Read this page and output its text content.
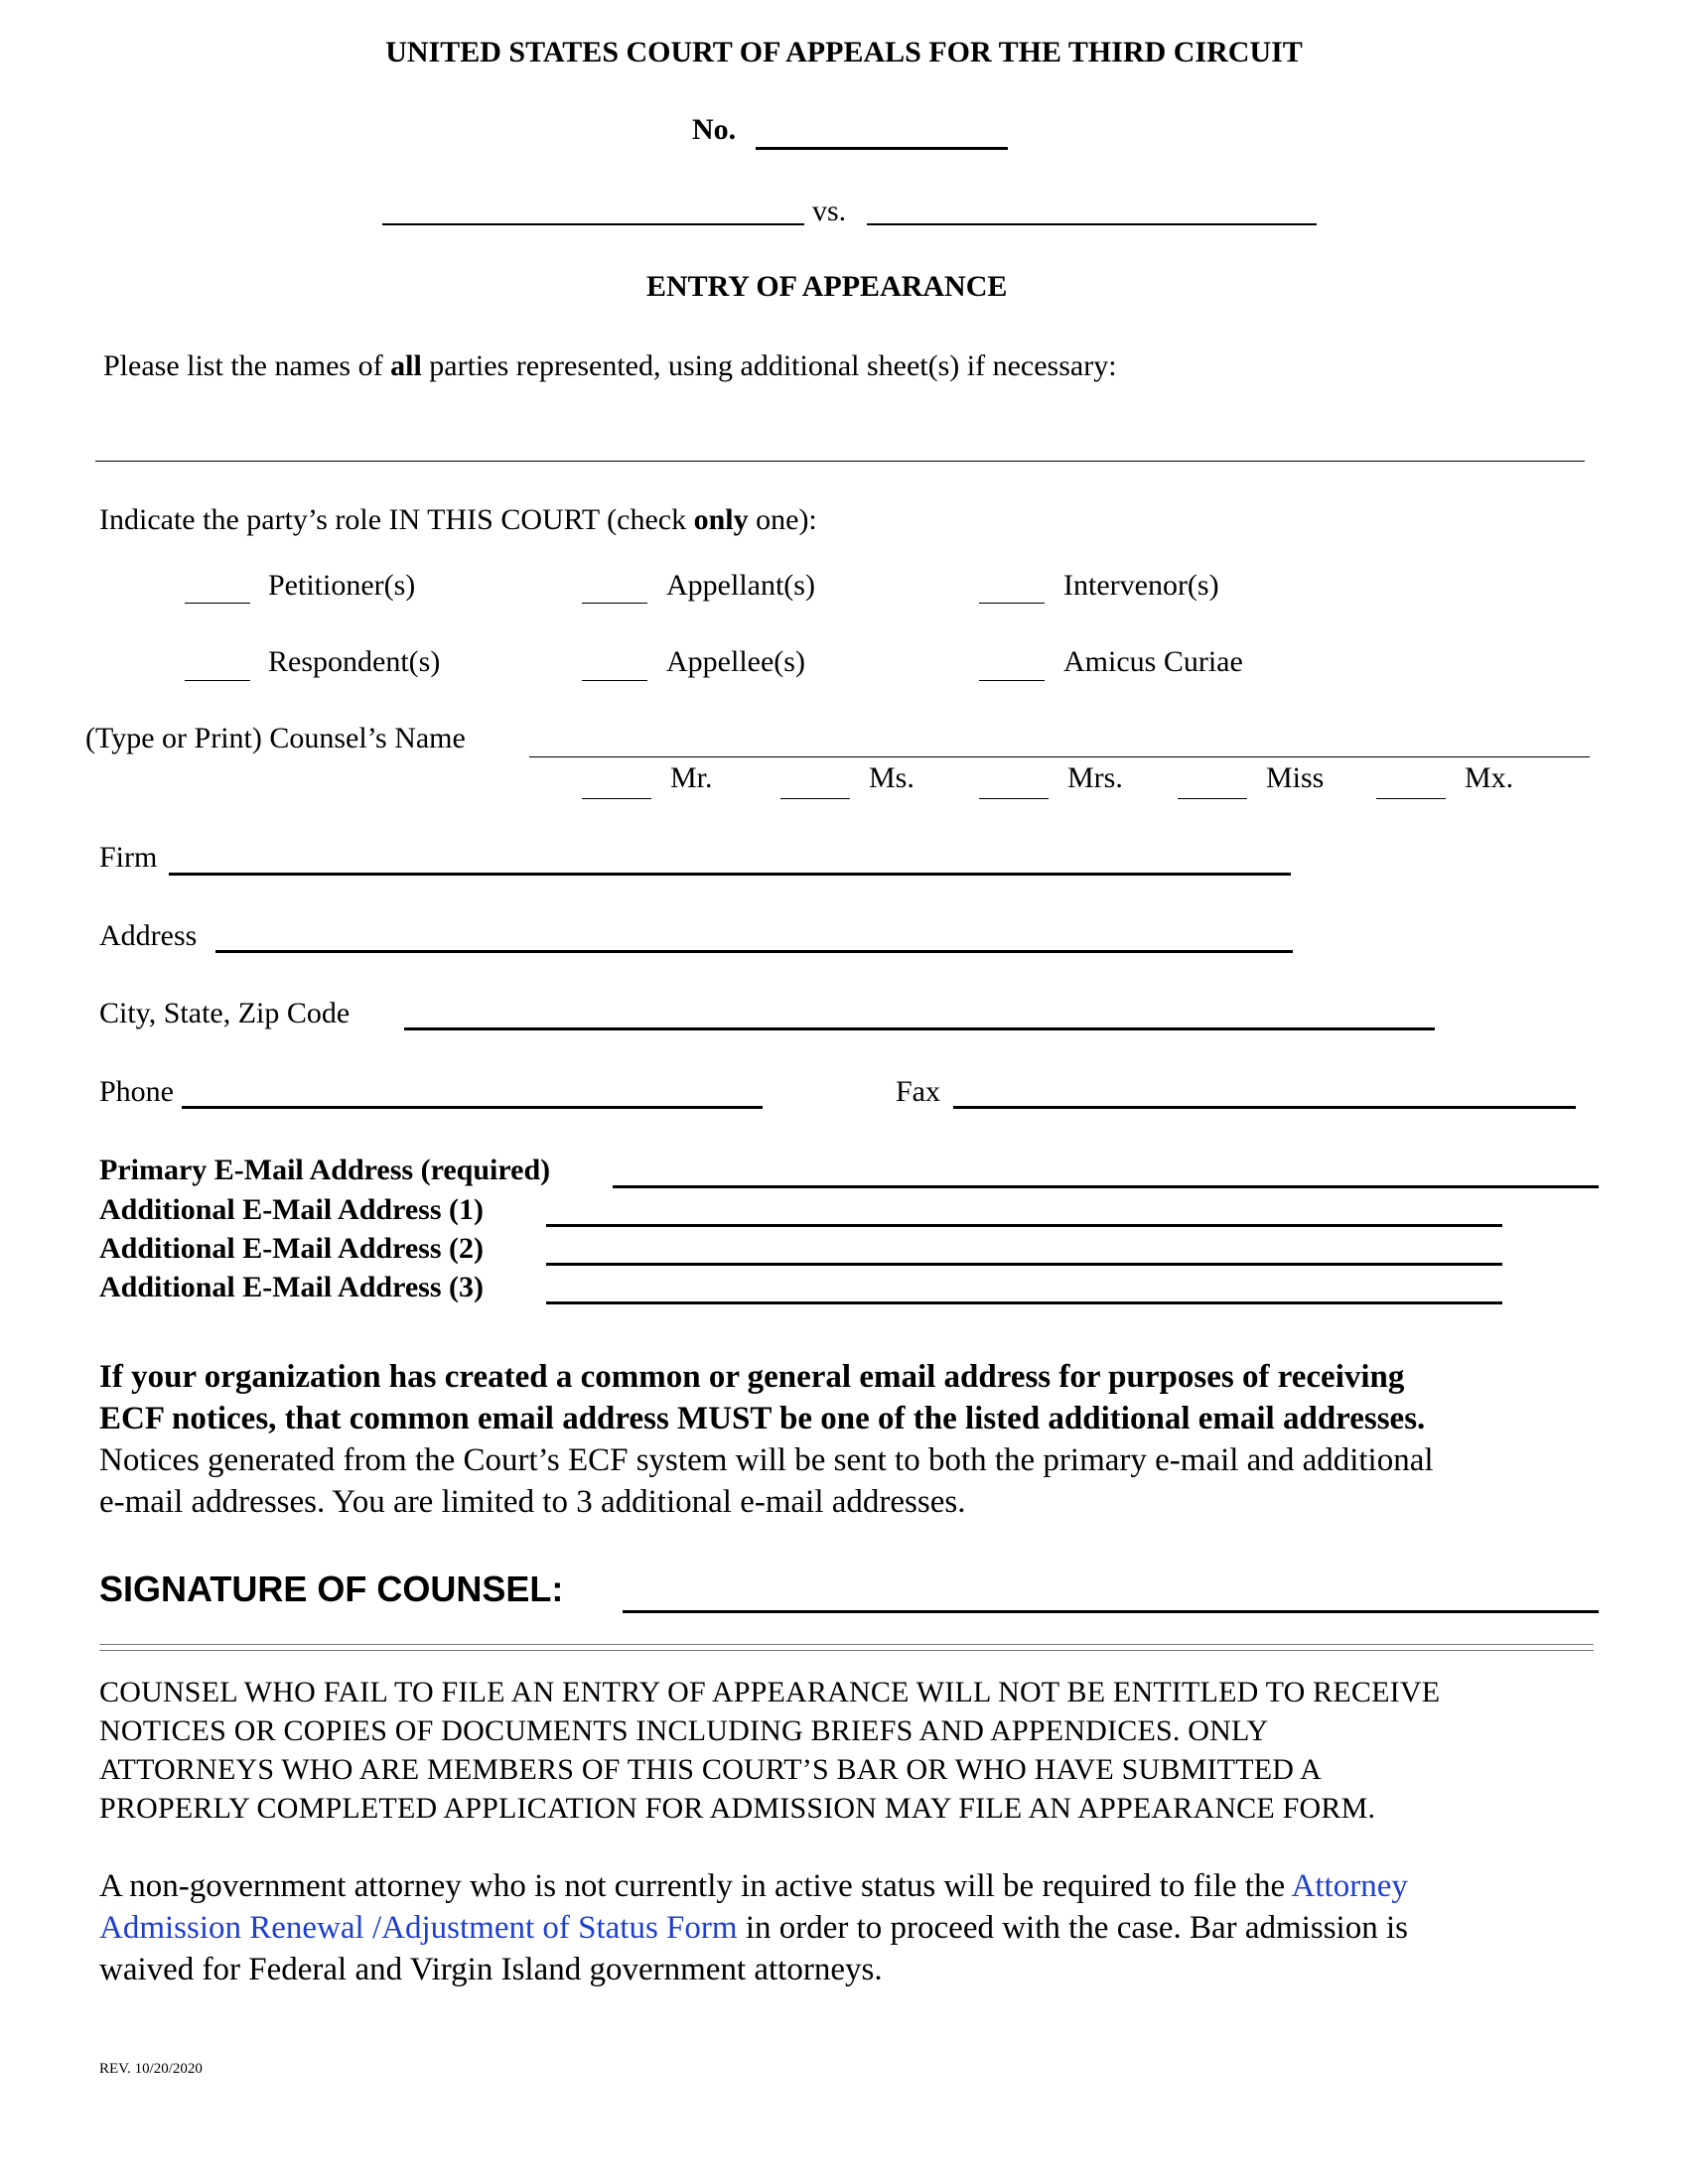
UNITED STATES COURT OF APPEALS FOR THE THIRD CIRCUIT
No.
vs.
ENTRY OF APPEARANCE
Please list the names of all parties represented, using additional sheet(s) if necessary:
Indicate the party’s role IN THIS COURT (check only one):
Petitioner(s)	Appellant(s)	Intervenor(s)
Respondent(s)	Appellee(s)	Amicus Curiae
(Type or Print) Counsel’s Name
Mr.	Ms.	Mrs.	Miss	Mx.
Firm
Address
City, State, Zip Code
Phone	Fax
Primary E-Mail Address (required)
Additional E-Mail Address (1)
Additional E-Mail Address (2)
Additional E-Mail Address (3)
If your organization has created a common or general email address for purposes of receiving
ECF notices, that common email address MUST be one of the listed additional email addresses.
Notices generated from the Court’s ECF system will be sent to both the primary e-mail and additional
e-mail addresses. You are limited to 3 additional e-mail addresses.
SIGNATURE OF COUNSEL:
COUNSEL WHO FAIL TO FILE AN ENTRY OF APPEARANCE WILL NOT BE ENTITLED TO RECEIVE
NOTICES OR COPIES OF DOCUMENTS INCLUDING BRIEFS AND APPENDICES. ONLY
ATTORNEYS WHO ARE MEMBERS OF THIS COURT’S BAR OR WHO HAVE SUBMITTED A
PROPERLY COMPLETED APPLICATION FOR ADMISSION MAY FILE AN APPEARANCE FORM.
A non-government attorney who is not currently in active status will be required to file the Attorney
Admission Renewal /Adjustment of Status Form in order to proceed with the case. Bar admission is
waived for Federal and Virgin Island government attorneys.
REV. 10/20/2020
